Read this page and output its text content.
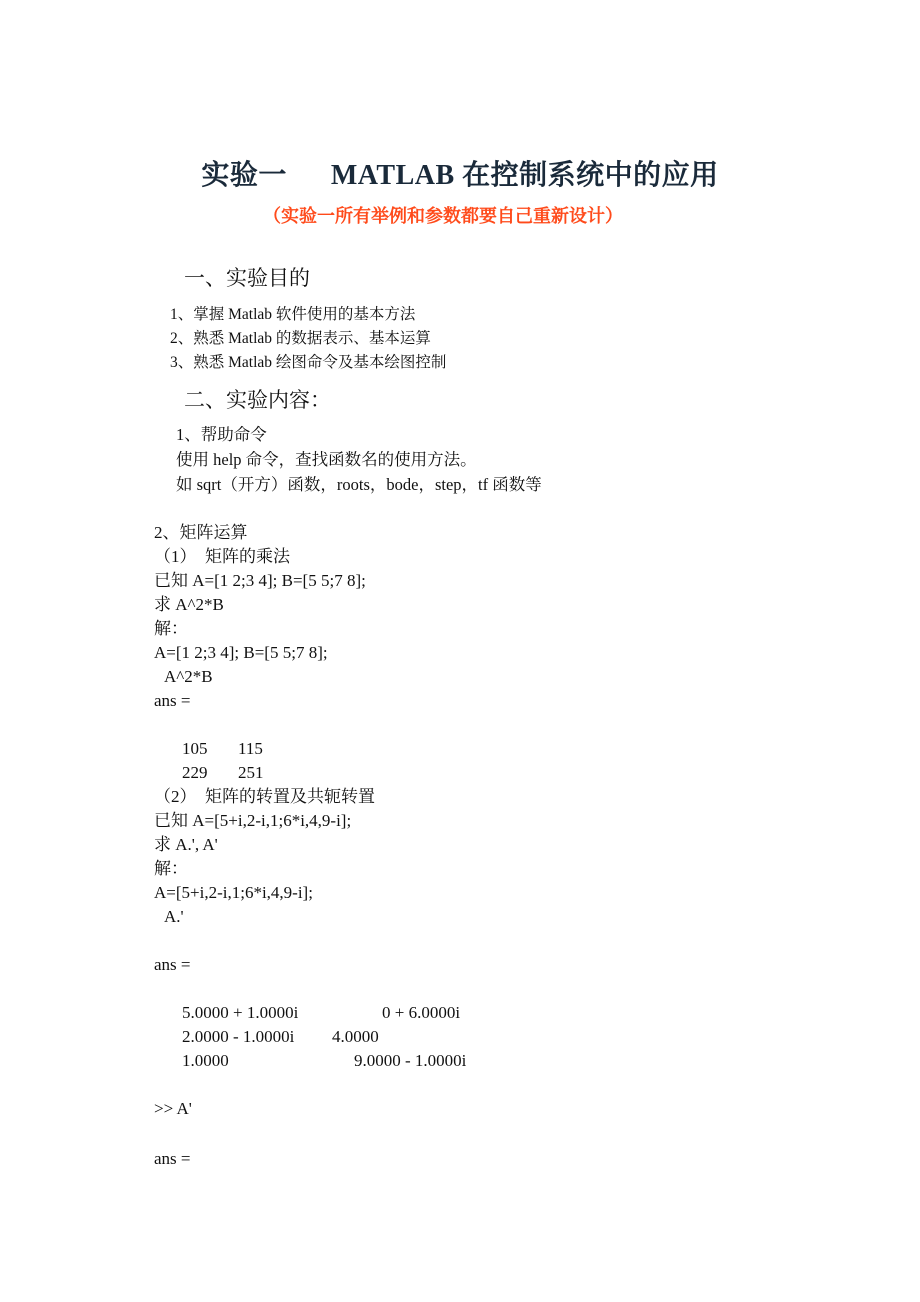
实验一 MATLAB 在控制系统中的应用
（实验一所有举例和参数都要自己重新设计）
一、实验目的
1、掌握 Matlab 软件使用的基本方法
2、熟悉 Matlab 的数据表示、基本运算
3、熟悉 Matlab 绘图命令及基本绘图控制
二、实验内容：
1、帮助命令
使用 help 命令，查找函数名的使用方法。
如 sqrt（开方）函数，roots，bode，step，tf 函数等
2、矩阵运算
（1）  矩阵的乘法
已知 A=[1 2;3 4]; B=[5 5;7 8];
求 A^2*B
解：
A=[1 2;3 4]; B=[5 5;7 8];
A^2*B
ans =
105 115
229 251
（2）  矩阵的转置及共轭转置
已知 A=[5+i,2-i,1;6*i,4,9-i];
求 A.', A'
解：
A=[5+i,2-i,1;6*i,4,9-i];
A.'
ans =
5.0000 + 1.0000i	0 + 6.0000i
2.0000 - 1.0000i 4.0000
1.0000	9.0000 - 1.0000i
>> A'
ans =
